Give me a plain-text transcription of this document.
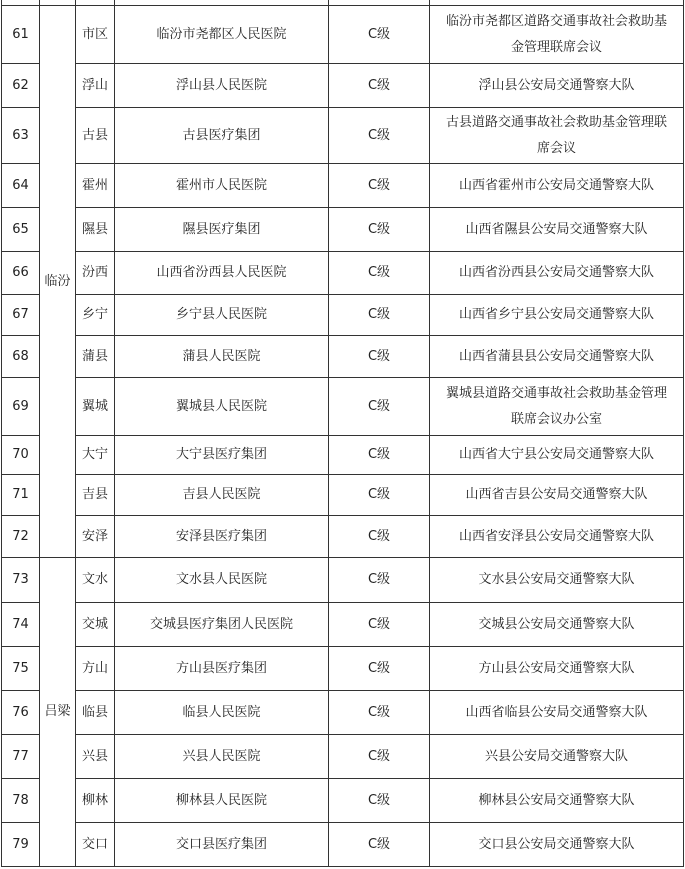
61	临汾	市区	临汾市尧都区人民医院	C级	临汾市尧都区道路交通事故社会救助基金管理联席会议
62		浮山	浮山县人民医院	C级	浮山县公安局交通警察大队
63		古县	古县医疗集团	C级	古县道路交通事故社会救助基金管理联席会议
64		霍州	霍州市人民医院	C级	山西省霍州市公安局交通警察大队
65		隰县	隰县医疗集团	C级	山西省隰县公安局交通警察大队
66		汾西	山西省汾西县人民医院	C级	山西省汾西县公安局交通警察大队
67		乡宁	乡宁县人民医院	C级	山西省乡宁县公安局交通警察大队
68		蒲县	蒲县人民医院	C级	山西省蒲县县公安局交通警察大队
69		翼城	翼城县人民医院	C级	翼城县道路交通事故社会救助基金管理联席会议办公室
70		大宁	大宁县医疗集团	C级	山西省大宁县公安局交通警察大队
71		吉县	吉县人民医院	C级	山西省吉县公安局交通警察大队
72		安泽	安泽县医疗集团	C级	山西省安泽县公安局交通警察大队
73	吕梁	文水	文水县人民医院	C级	文水县公安局交通警察大队
74		交城	交城县医疗集团人民医院	C级	交城县公安局交通警察大队
75		方山	方山县医疗集团	C级	方山县公安局交通警察大队
76		临县	临县人民医院	C级	山西省临县公安局交通警察大队
77		兴县	兴县人民医院	C级	兴县公安局交通警察大队
78		柳林	柳林县人民医院	C级	柳林县公安局交通警察大队
79		交口	交口县医疗集团	C级	交口县公安局交通警察大队
